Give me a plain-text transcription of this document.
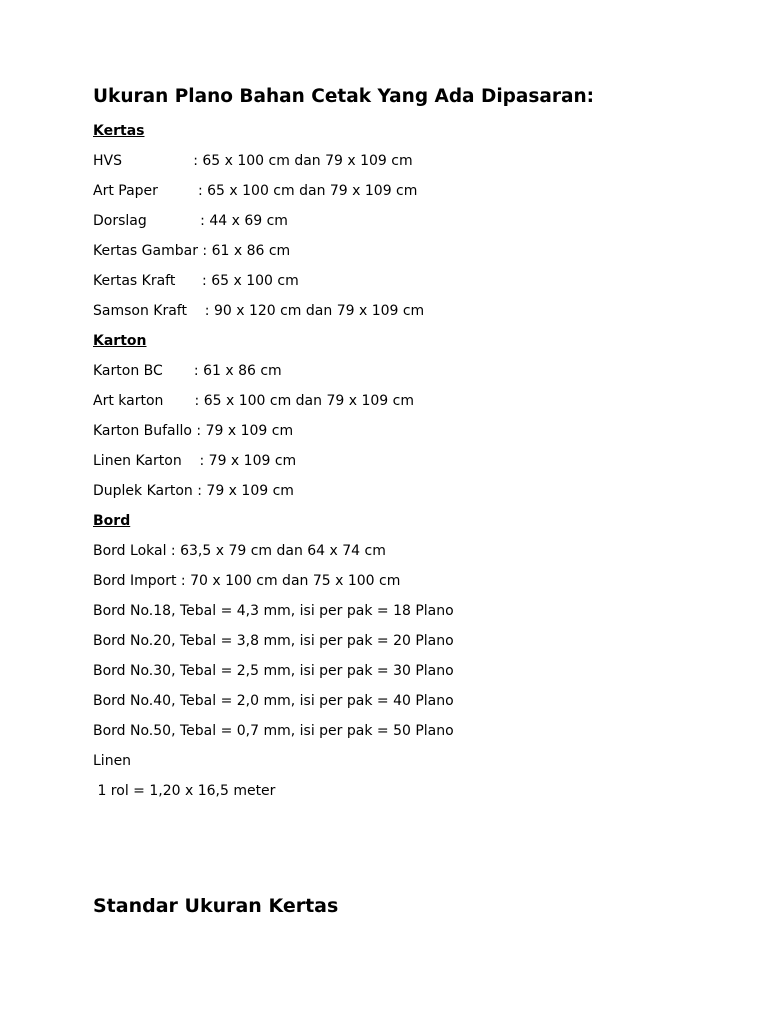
Ukuran Plano Bahan Cetak Yang Ada Dipasaran:

Kertas

HVS                : 65 x 100 cm dan 79 x 109 cm

Art Paper         : 65 x 100 cm dan 79 x 109 cm

Dorslag            : 44 x 69 cm

Kertas Gambar : 61 x 86 cm

Kertas Kraft      : 65 x 100 cm

Samson Kraft    : 90 x 120 cm dan 79 x 109 cm

Karton

Karton BC       : 61 x 86 cm

Art karton       : 65 x 100 cm dan 79 x 109 cm

Karton Bufallo : 79 x 109 cm

Linen Karton    : 79 x 109 cm

Duplek Karton : 79 x 109 cm

Bord

Bord Lokal : 63,5 x 79 cm dan 64 x 74 cm

Bord Import : 70 x 100 cm dan 75 x 100 cm

Bord No.18, Tebal = 4,3 mm, isi per pak = 18 Plano

Bord No.20, Tebal = 3,8 mm, isi per pak = 20 Plano

Bord No.30, Tebal = 2,5 mm, isi per pak = 30 Plano

Bord No.40, Tebal = 2,0 mm, isi per pak = 40 Plano

Bord No.50, Tebal = 0,7 mm, isi per pak = 50 Plano

Linen

1 rol = 1,20 x 16,5 meter

Standar Ukuran Kertas
